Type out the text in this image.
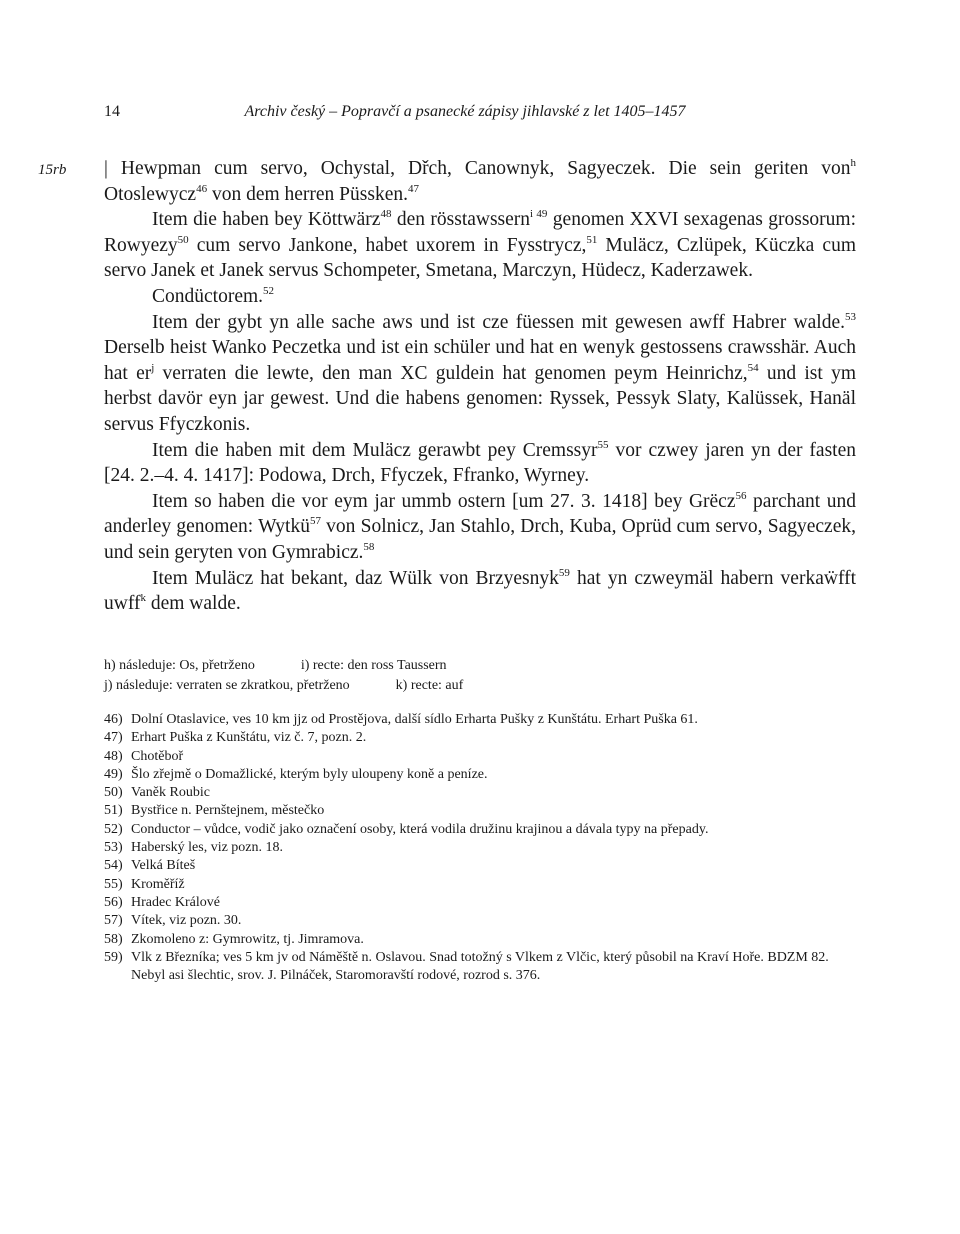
14	Archiv český – Popravčí a psanecké zápisy jihlavské z let 1405–1457
15rb | Hewpman cum servo, Ochystal, Dřch, Canownyk, Sagyeczek. Die sein geriten von$^h$ Otoslewycz$^{46}$ von dem herren Püssken.$^{47}$

Item die haben bey Köttwärz$^{48}$ den rösstawssern$^{i 49}$ genomen XXVI sexagenas grossorum: Rowyezy$^{50}$ cum servo Jankone, habet uxorem in Fysstrycz,$^{51}$ Muläcz, Czlüpek, Küczka cum servo Janek et Janek servus Schompeter, Smetana, Marczyn, Hüdecz, Kaderzawek.

Condüctorem.$^{52}$

Item der gybt yn alle sache aws und ist cze füessen mit gewesen awff Habrer walde.$^{53}$ Derselb heist Wanko Peczetka und ist ein schüler und hat en wenyk gestossens crawsshär. Auch hat $er^j$ verraten die lewte, den man XC guldein hat genomen peym Heinrichz,$^{54}$ und ist ym herbst davör eyn jar gewest. Und die habens genomen: Ryssek, Pessyk Slaty, Kalüssek, Hanäl servus Ffyczkonis.

Item die haben mit dem Muläcz gerawbt pey Cremssyr$^{55}$ vor czwey jaren yn der fasten [24. 2.–4. 4. 1417]: Podowa, Drch, Ffyczek, Ffranko, Wyrney.

Item so haben die vor eym jar ummb ostern [um 27. 3. 1418] bey Grëcz$^{56}$ parchant und anderley genomen: Wytkü$^{57}$ von Solnicz, Jan Stahlo, Drch, Kuba, Oprüd cum servo, Sagyeczek, und sein geryten von Gymrabicz.$^{58}$

Item Muläcz hat bekant, daz Wülk von Brzyesnyk$^{59}$ hat yn czweymäl habern verkaẅfft uwff$^k$ dem walde.

h) následuje: Os, přetrženo	i) recte: den ross Taussern
j) následuje: verraten se zkratkou, přetrženo	k) recte: auf
46) Dolní Otaslavice, ves 10 km jjz od Prostějova, další sídlo Erharta Pušky z Kunštátu. Erhart Puška 61.
47) Erhart Puška z Kunštátu, viz č. 7, pozn. 2.
48) Chotěboř
49) Šlo zřejmě o Domažlické, kterým byly uloupeny koně a peníze.
50) Vaněk Roubic
51) Bystřice n. Pernštejnem, městečko
52) Conductor – vůdce, vodič jako označení osoby, která vodila družinu krajinou a dávala typy na přepady.
53) Haberský les, viz pozn. 18.
54) Velká Bíteš
55) Kroměříž
56) Hradec Králové
57) Vítek, viz pozn. 30.
58) Zkomoleno z: Gymrowitz, tj. Jimramova.
59) Vlk z Březníka; ves 5 km jv od Náměště n. Oslavou. Snad totožný s Vlkem z Vlčic, který působil na Kraví Hoře. BDZM 82. Nebyl asi šlechtic, srov. J. Pilnáček, Staromoravští rodové, rozrod s. 376.
